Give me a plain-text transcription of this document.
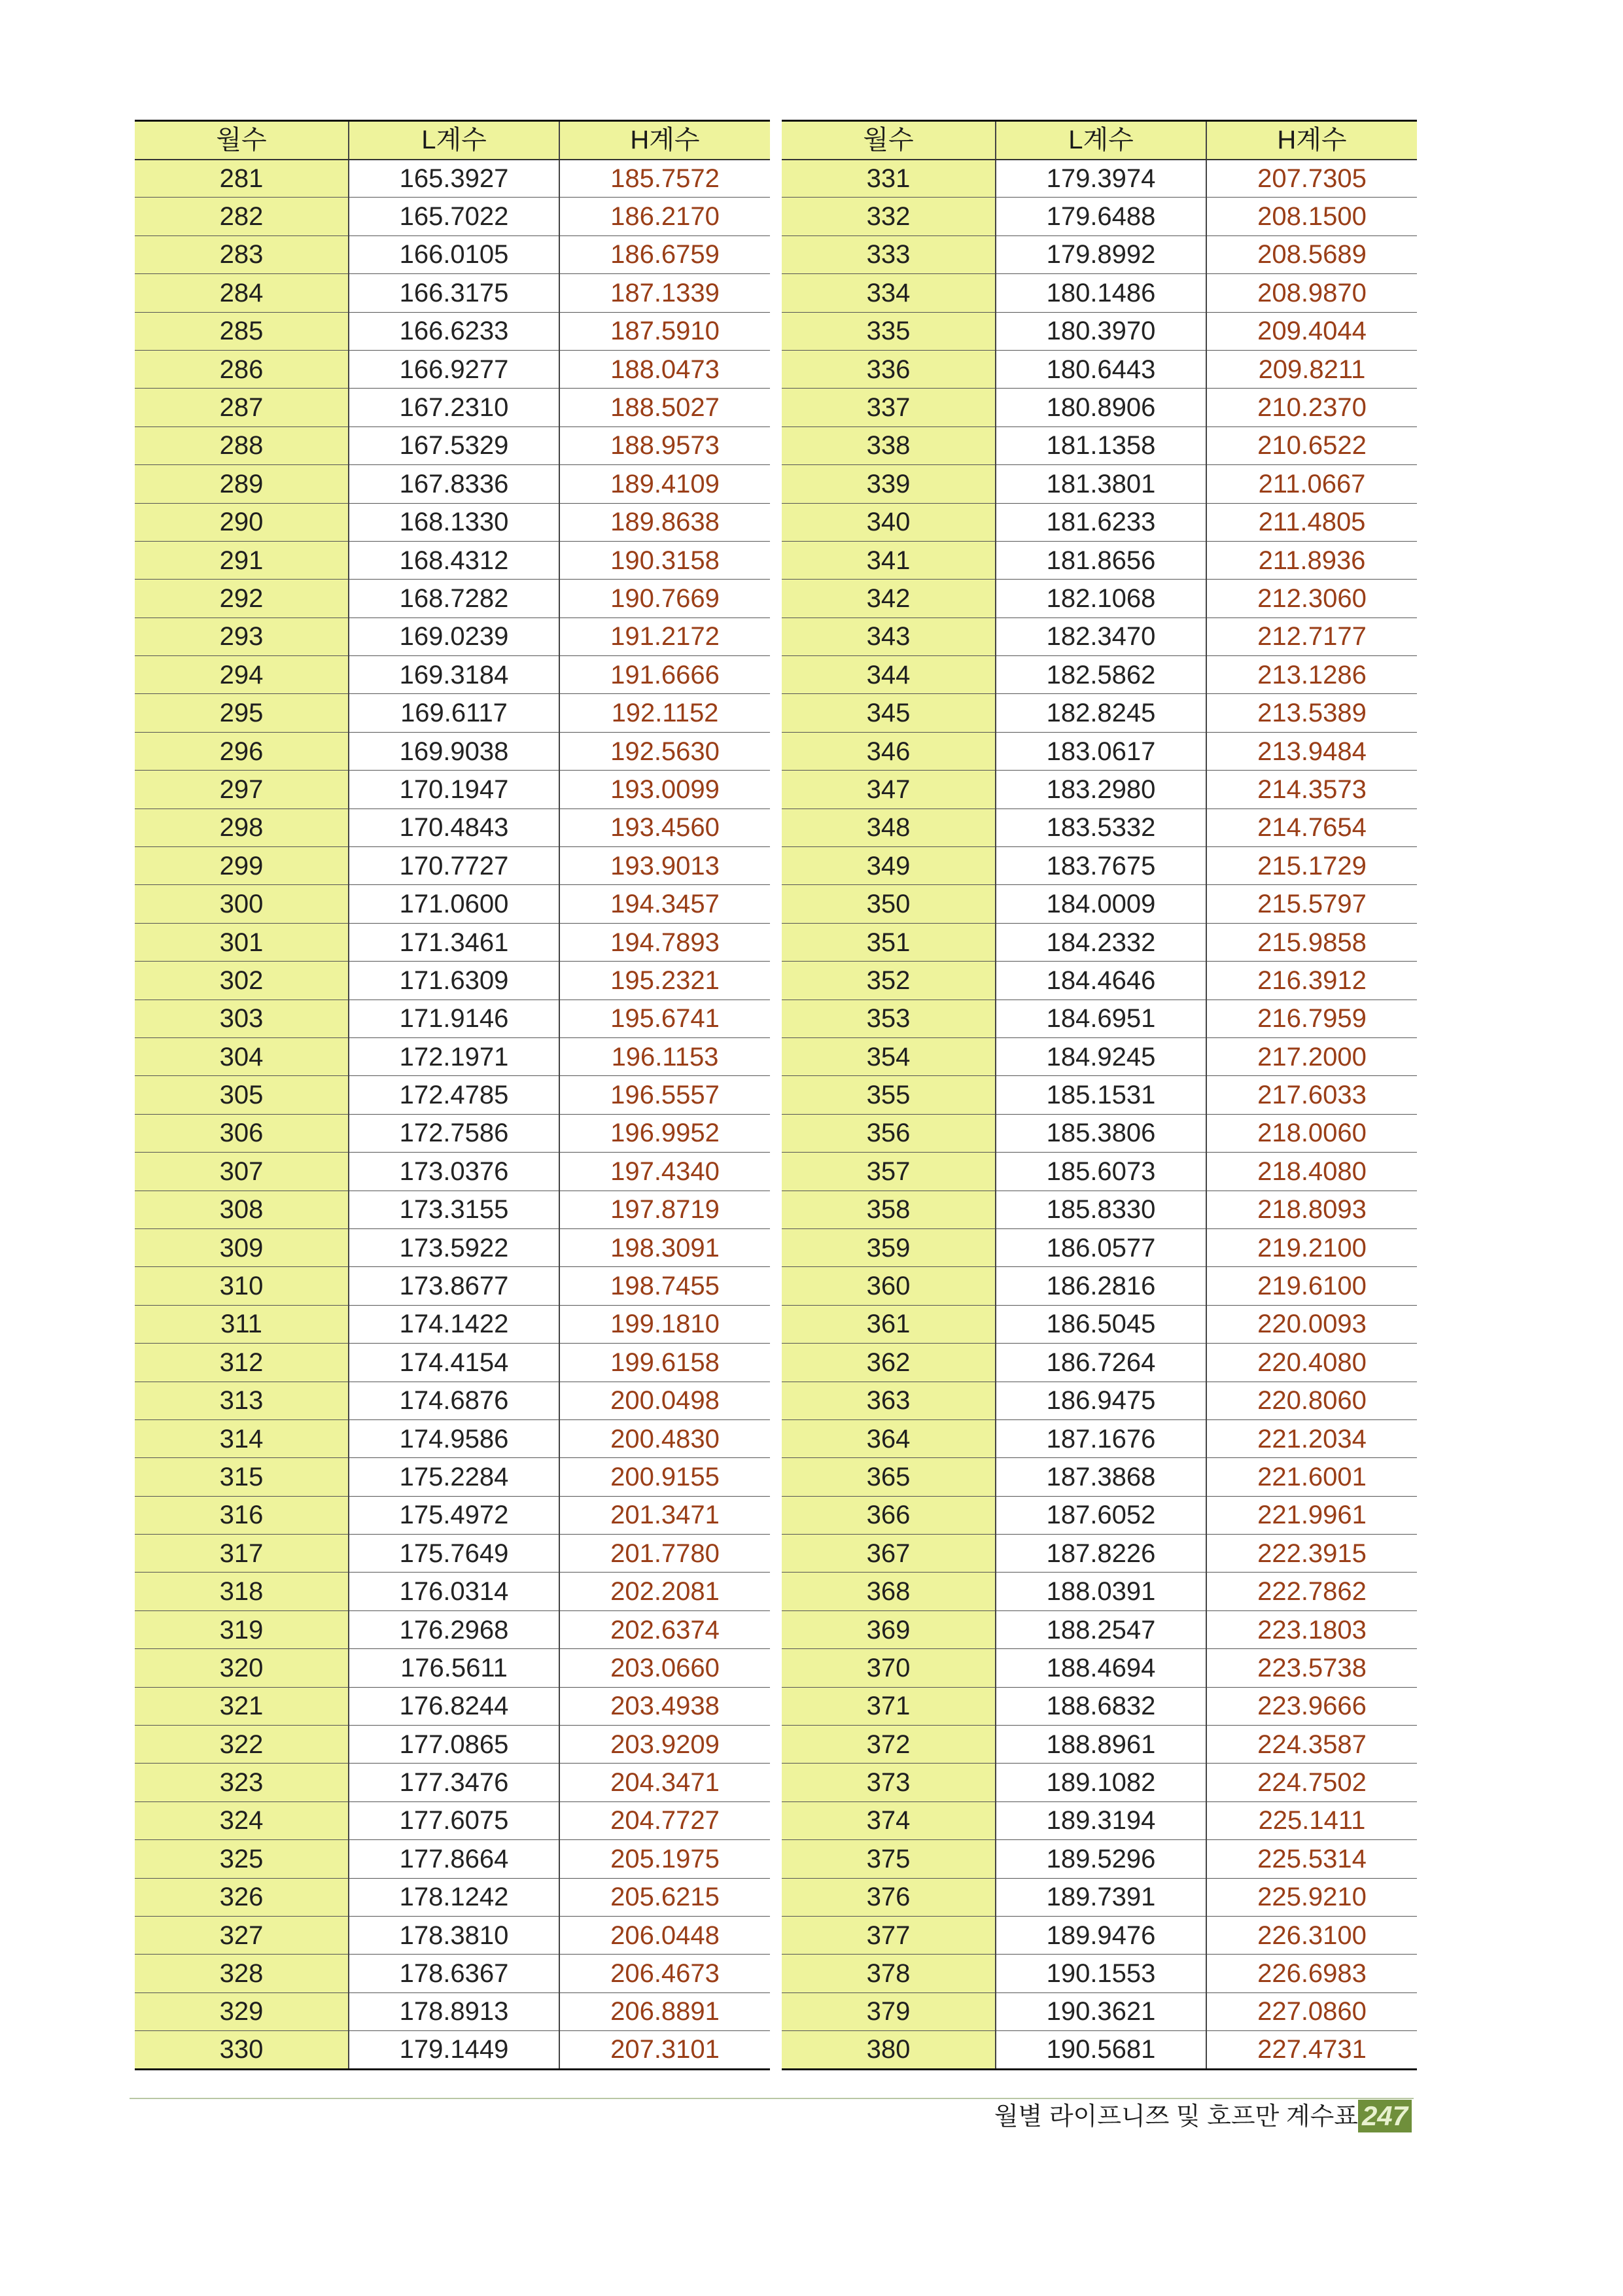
월수	L계수	H계수
281	165.3927	185.7572
282	165.7022	186.2170
283	166.0105	186.6759
284	166.3175	187.1339
285	166.6233	187.5910
286	166.9277	188.0473
287	167.2310	188.5027
288	167.5329	188.9573
289	167.8336	189.4109
290	168.1330	189.8638
291	168.4312	190.3158
292	168.7282	190.7669
293	169.0239	191.2172
294	169.3184	191.6666
295	169.6117	192.1152
296	169.9038	192.5630
297	170.1947	193.0099
298	170.4843	193.4560
299	170.7727	193.9013
300	171.0600	194.3457
301	171.3461	194.7893
302	171.6309	195.2321
303	171.9146	195.6741
304	172.1971	196.1153
305	172.4785	196.5557
306	172.7586	196.9952
307	173.0376	197.4340
308	173.3155	197.8719
309	173.5922	198.3091
310	173.8677	198.7455
311	174.1422	199.1810
312	174.4154	199.6158
313	174.6876	200.0498
314	174.9586	200.4830
315	175.2284	200.9155
316	175.4972	201.3471
317	175.7649	201.7780
318	176.0314	202.2081
319	176.2968	202.6374
320	176.5611	203.0660
321	176.8244	203.4938
322	177.0865	203.9209
323	177.3476	204.3471
324	177.6075	204.7727
325	177.8664	205.1975
326	178.1242	205.6215
327	178.3810	206.0448
328	178.6367	206.4673
329	178.8913	206.8891
330	179.1449	207.3101
월수	L계수	H계수
331	179.3974	207.7305
332	179.6488	208.1500
333	179.8992	208.5689
334	180.1486	208.9870
335	180.3970	209.4044
336	180.6443	209.8211
337	180.8906	210.2370
338	181.1358	210.6522
339	181.3801	211.0667
340	181.6233	211.4805
341	181.8656	211.8936
342	182.1068	212.3060
343	182.3470	212.7177
344	182.5862	213.1286
345	182.8245	213.5389
346	183.0617	213.9484
347	183.2980	214.3573
348	183.5332	214.7654
349	183.7675	215.1729
350	184.0009	215.5797
351	184.2332	215.9858
352	184.4646	216.3912
353	184.6951	216.7959
354	184.9245	217.2000
355	185.1531	217.6033
356	185.3806	218.0060
357	185.6073	218.4080
358	185.8330	218.8093
359	186.0577	219.2100
360	186.2816	219.6100
361	186.5045	220.0093
362	186.7264	220.4080
363	186.9475	220.8060
364	187.1676	221.2034
365	187.3868	221.6001
366	187.6052	221.9961
367	187.8226	222.3915
368	188.0391	222.7862
369	188.2547	223.1803
370	188.4694	223.5738
371	188.6832	223.9666
372	188.8961	224.3587
373	189.1082	224.7502
374	189.3194	225.1411
375	189.5296	225.5314
376	189.7391	225.9210
377	189.9476	226.3100
378	190.1553	226.6983
379	190.3621	227.0860
380	190.5681	227.4731
월별 라이프니쯔 및 호프만 계수표 247
